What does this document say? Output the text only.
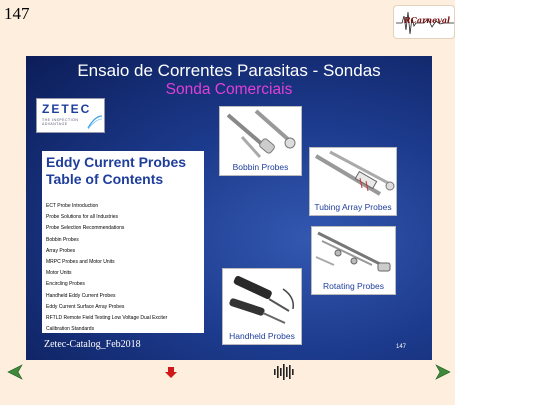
147	RCarneval
Ensaio de Correntes Parasitas - Sondas
Sonda Comerciais
ZETEC
THE INSPECTION ADVANTAGE
Eddy Current Probes
Table of Contents
ECT Probe Introduction
Probe Solutions for all Industries
Probe Selection Recommendations
Bobbin Probes
Array Probes
MRPC Probes and Motor Units
Motor Units
Encircling Probes
Handheld Eddy Current Probes
Eddy Current Surface Array Probes
RFTLD Remote Field Testing Low Voltage Dual Exciter
Calibration Standards
Bobbin Probes
Tubing Array Probes
Rotating Probes
Handheld Probes
Zetec-Catalog_Feb2018	147
